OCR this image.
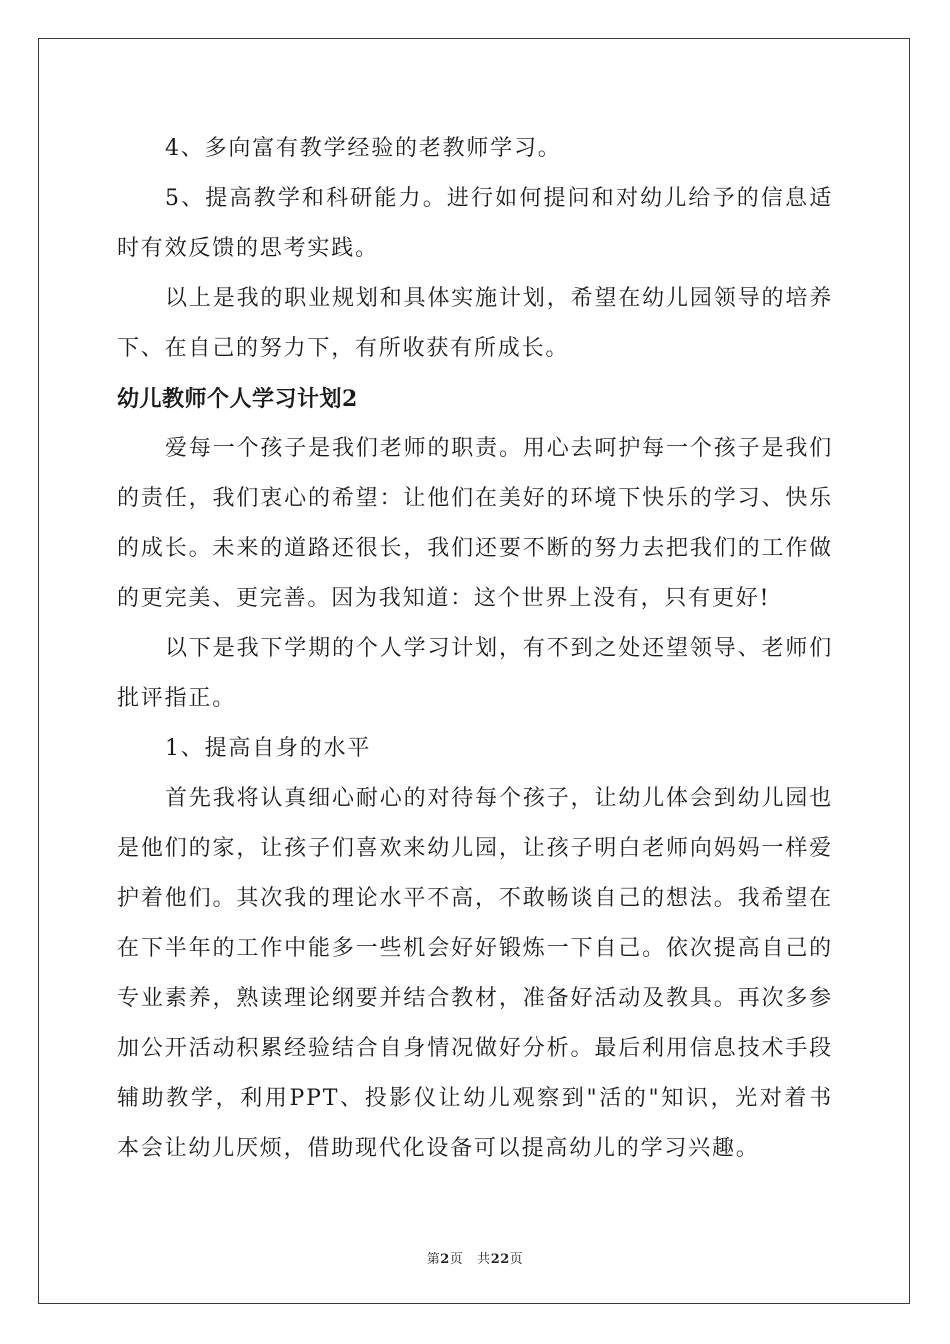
4、多向富有教学经验的老教师学习。

5、提高教学和科研能力。进行如何提问和对幼儿给予的信息适时有效反馈的思考实践。

以上是我的职业规划和具体实施计划，希望在幼儿园领导的培养下、在自己的努力下，有所收获有所成长。

幼儿教师个人学习计划2

爱每一个孩子是我们老师的职责。用心去呵护每一个孩子是我们的责任，我们衷心的希望：让他们在美好的环境下快乐的学习、快乐的成长。未来的道路还很长，我们还要不断的努力去把我们的工作做的更完美、更完善。因为我知道：这个世界上没有，只有更好!

以下是我下学期的个人学习计划，有不到之处还望领导、老师们批评指正。

1、提高自身的水平

首先我将认真细心耐心的对待每个孩子，让幼儿体会到幼儿园也是他们的家，让孩子们喜欢来幼儿园，让孩子明白老师向妈妈一样爱护着他们。其次我的理论水平不高，不敢畅谈自己的想法。我希望在在下半年的工作中能多一些机会好好锻炼一下自己。依次提高自己的专业素养，熟读理论纲要并结合教材，准备好活动及教具。再次多参加公开活动积累经验结合自身情况做好分析。最后利用信息技术手段辅助教学，利用PPT、投影仪让幼儿观察到"活的"知识，光对着书本会让幼儿厌烦，借助现代化设备可以提高幼儿的学习兴趣。

第2页 共22页
